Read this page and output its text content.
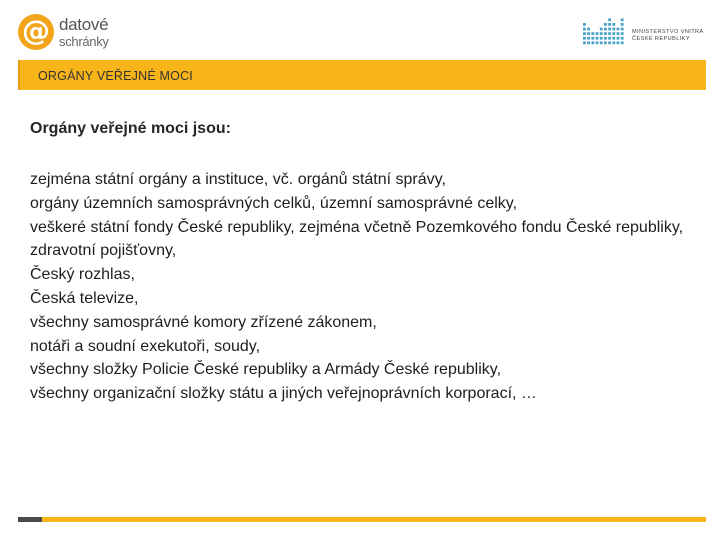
@ datové
schránky
MINISTERSTVO VNITRA
ČESKÉ REPUBLIKY
ORGÁNY VEŘEJNÉ MOCI
Orgány veřejné moci jsou:
zejména státní orgány a instituce, vč. orgánů státní správy,
orgány územních samosprávných celků, územní samosprávné celky,
veškeré státní fondy České republiky, zejména včetně Pozemkového fondu České republiky,
zdravotní pojišťovny,
Český rozhlas,
Česká televize,
všechny samosprávné komory zřízené zákonem,
notáři a soudní exekutoři, soudy,
všechny složky Policie České republiky a Armády České republiky,
všechny organizační složky státu a jiných veřejnoprávních korporací, …
